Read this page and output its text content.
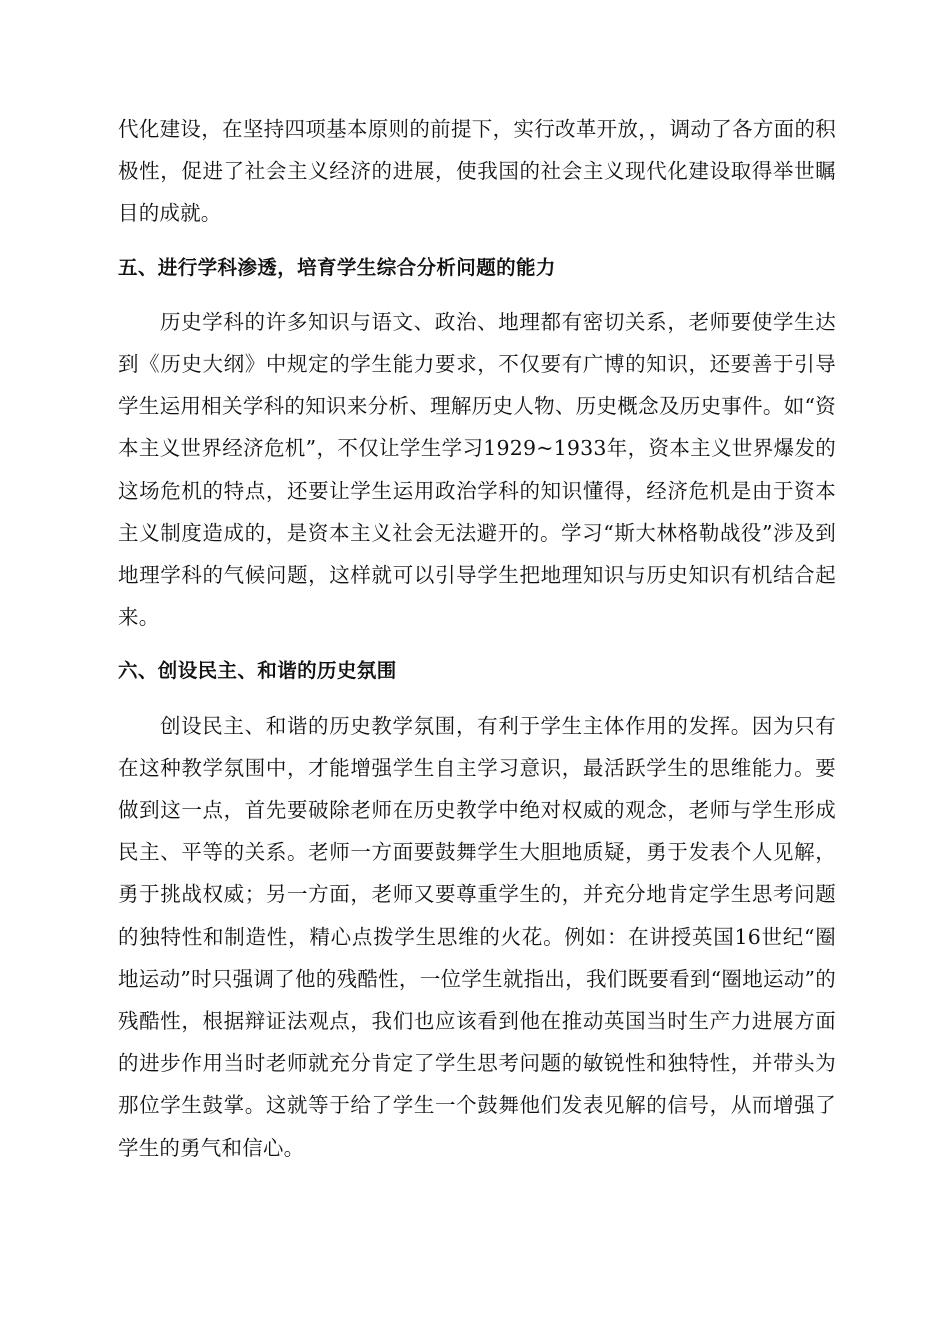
代化建设，在坚持四项基本原则的前提下，实行改革开放，，调动了各方面的积极性，促进了社会主义经济的进展，使我国的社会主义现代化建设取得举世瞩目的成就。

五、进行学科渗透，培育学生综合分析问题的能力

历史学科的许多知识与语文、政治、地理都有密切关系，老师要使学生达到《历史大纲》中规定的学生能力要求，不仅要有广博的知识，还要善于引导学生运用相关学科的知识来分析、理解历史人物、历史概念及历史事件。如“资本主义世界经济危机”，不仅让学生学习1929~1933年，资本主义世界爆发的这场危机的特点，还要让学生运用政治学科的知识懂得，经济危机是由于资本主义制度造成的，是资本主义社会无法避开的。学习“斯大林格勒战役”涉及到地理学科的气候问题，这样就可以引导学生把地理知识与历史知识有机结合起来。

六、创设民主、和谐的历史氛围

创设民主、和谐的历史教学氛围，有利于学生主体作用的发挥。因为只有在这种教学氛围中，才能增强学生自主学习意识，最活跃学生的思维能力。要做到这一点，首先要破除老师在历史教学中绝对权威的观念，老师与学生形成民主、平等的关系。老师一方面要鼓舞学生大胆地质疑，勇于发表个人见解，勇于挑战权威；另一方面，老师又要尊重学生的，并充分地肯定学生思考问题的独特性和制造性，精心点拨学生思维的火花。例如：在讲授英国16世纪“圈地运动”时只强调了他的残酷性，一位学生就指出，我们既要看到“圈地运动”的残酷性，根据辩证法观点，我们也应该看到他在推动英国当时生产力进展方面的进步作用当时老师就充分肯定了学生思考问题的敏锐性和独特性，并带头为那位学生鼓掌。这就等于给了学生一个鼓舞他们发表见解的信号，从而增强了学生的勇气和信心。
